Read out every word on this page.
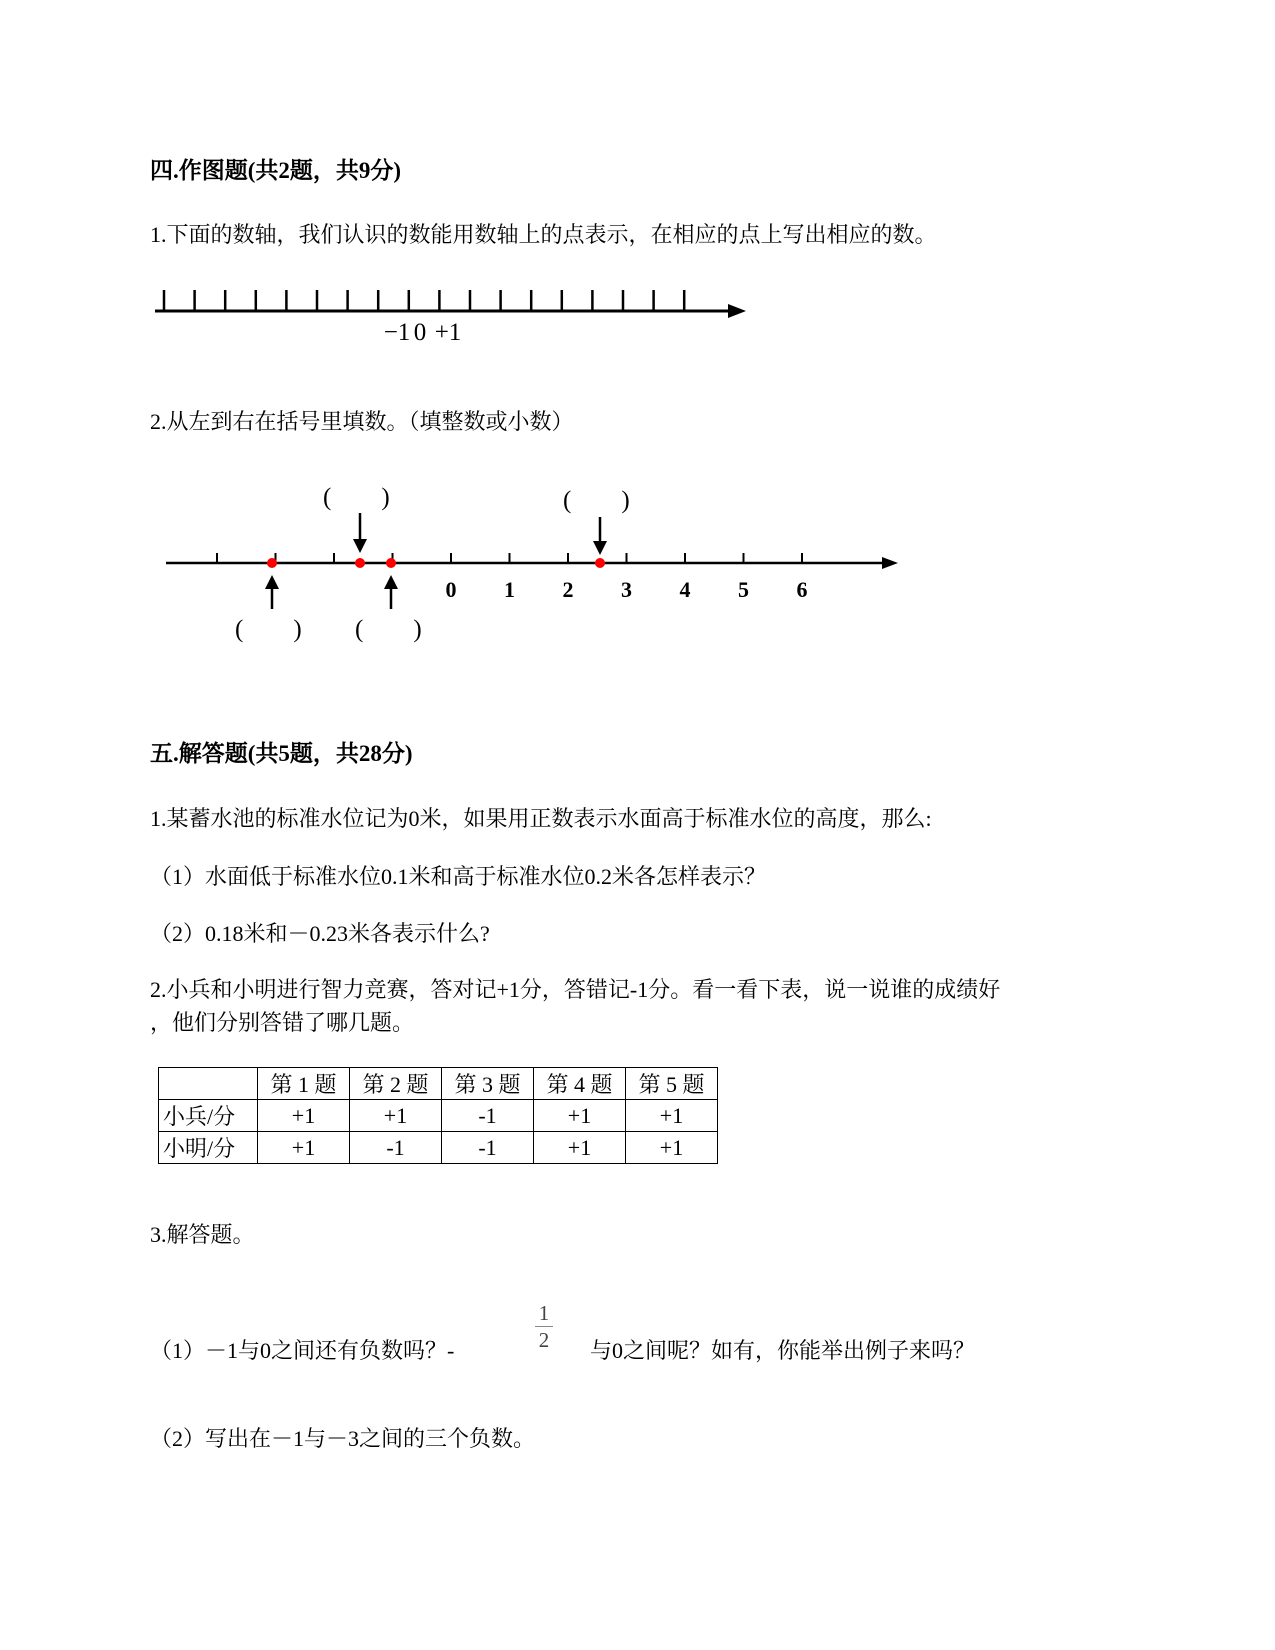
四.作图题(共2题，共9分)
1.下面的数轴，我们认识的数能用数轴上的点表示，在相应的点上写出相应的数。
−1 0 +1
2.从左到右在括号里填数。（填整数或小数）
0 1 2 3 4 5 6
(        )	(        )
(        ) (        )
五.解答题(共5题，共28分)
1.某蓄水池的标准水位记为0米，如果用正数表示水面高于标准水位的高度，那么:
（1）水面低于标准水位0.1米和高于标准水位0.2米各怎样表示？
（2）0.18米和－0.23米各表示什么?
2.小兵和小明进行智力竞赛，答对记+1分，答错记-1分。看一看下表，说一说谁的成绩好
，他们分别答错了哪几题。
	第 1 题	第 2 题	第 3 题	第 4 题	第 5 题
小兵/分	+1	+1	-1	+1	+1
小明/分	+1	-1	-1	+1	+1
3.解答题。
（1）－1与0之间还有负数吗？-
1
2 与0之间呢？如有，你能举出例子来吗？
（2）写出在－1与－3之间的三个负数。
